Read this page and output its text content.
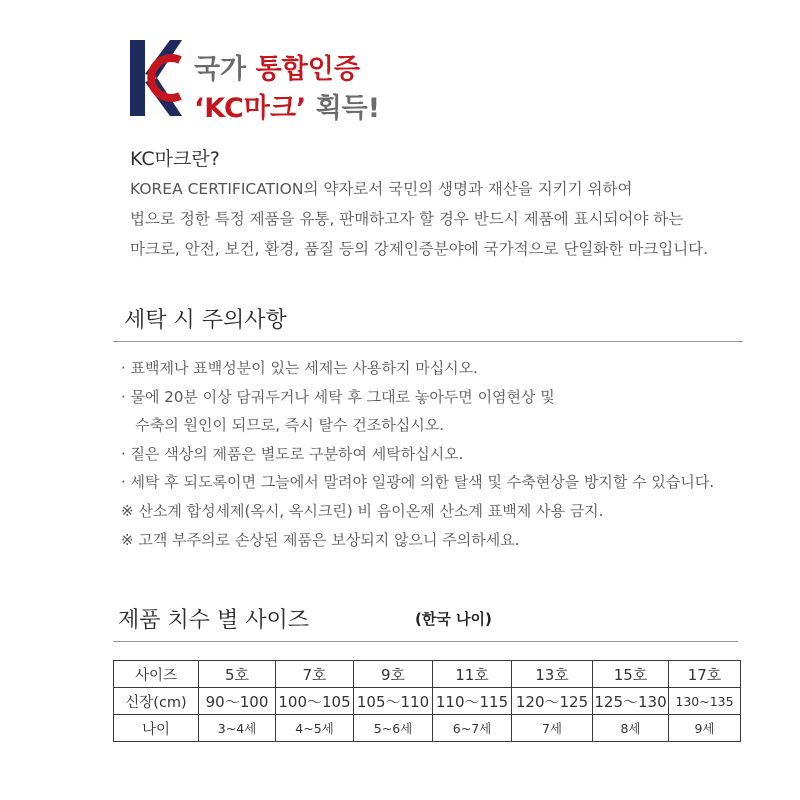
국가 통합인증
‘KC마크’ 획득!
KC마크란?
KOREA CERTIFICATION의 약자로서 국민의 생명과 재산을 지키기 위하여
법으로 정한 특정 제품을 유통, 판매하고자 할 경우 반드시 제품에 표시되어야 하는
마크로, 안전, 보건, 환경, 품질 등의 강제인증분야에 국가적으로 단일화한 마크입니다.
세탁 시 주의사항
· 표백제나 표백성분이 있는 세제는 사용하지 마십시오.
· 물에 20분 이상 담궈두거나 세탁 후 그대로 놓아두면 이염현상 및
수축의 원인이 되므로, 즉시 탈수 건조하십시오.
· 짙은 색상의 제품은 별도로 구분하여 세탁하십시오.
· 세탁 후 되도록이면 그늘에서 말려야 일광에 의한 탈색 및 수축현상을 방지할 수 있습니다.
※ 산소계 합성세제(옥시, 옥시크린) 비 음이온제 산소계 표백제 사용 금지.
※ 고객 부주의로 손상된 제품은 보상되지 않으니 주의하세요.
제품 치수 별 사이즈	(한국 나이)
사이즈	5호	7호	9호	11호	13호	15호	17호
신장(cm)	90～100	100～105	105～110	110～115	120～125	125～130	130~135
나이	3~4세	4~5세	5~6세	6~7세	7세	8세	9세
